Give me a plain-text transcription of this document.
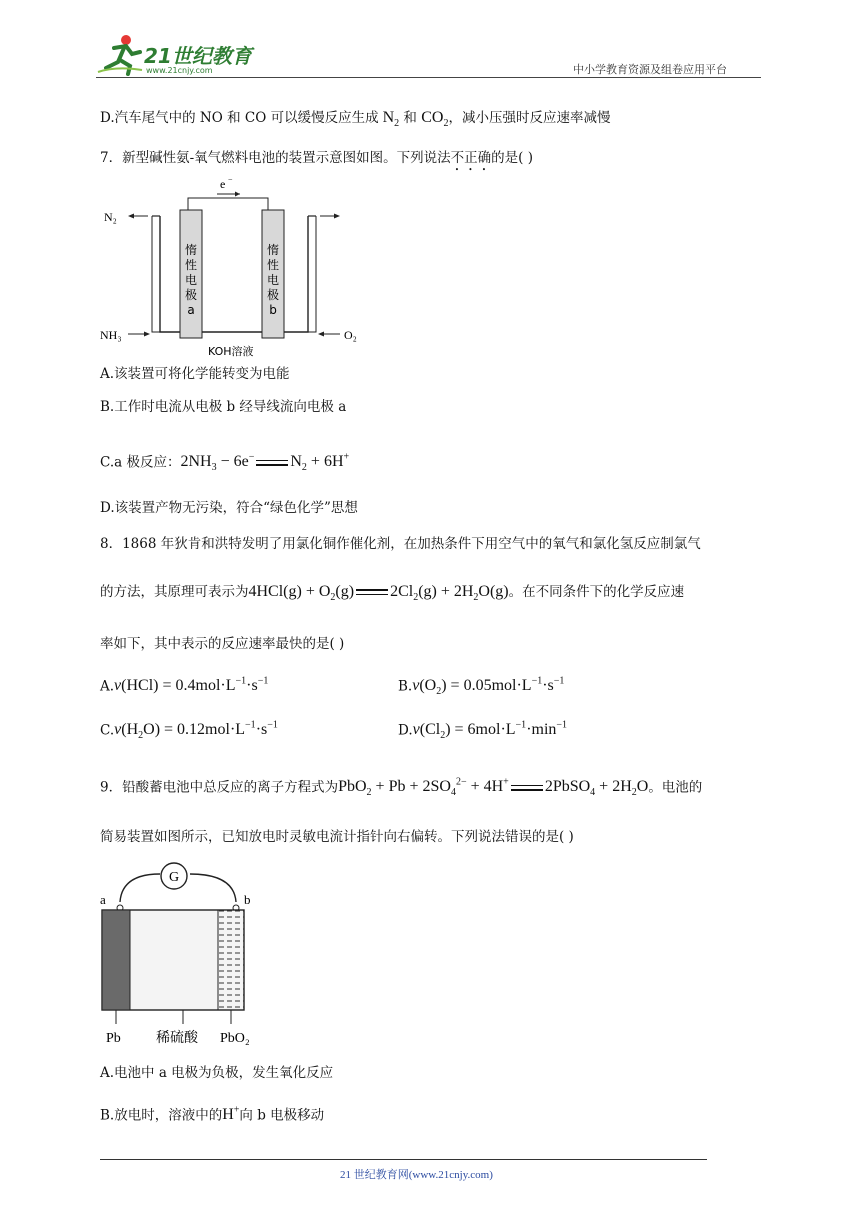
21世纪教育
www.21cnjy.com	中小学教育资源及组卷应用平台
D.汽车尾气中的 NO 和 CO 可以缓慢反应生成 $N_2$ 和 $CO_2$，减小压强时反应速率减慢
7．新型碱性氨-氧气燃料电池的装置示意图如图。下列说法不正确的是( )
e −
惰
性
电
极
a
惰
性
电
极
b
N₂
NH₃	O₂
KOH溶液
A.该装置可将化学能转变为电能
B.工作时电流从电极 b 经导线流向电极 a
C.a 极反应：$2NH_3 - 6e^-$ $N_2 + 6H^+$
D.该装置产物无污染，符合“绿色化学”思想
8．1868 年狄肯和洪特发明了用氯化铜作催化剂，在加热条件下用空气中的氧气和氯化氢反应制氯气
的方法，其原理可表示为$4HCl(g) + O_2(g) 2Cl_2(g) + 2H_2O(g)$。在不同条件下的化学反应速
率如下，其中表示的反应速率最快的是( )
$A.v(HCl) = 0.4mol\cdot L^{-1}\cdot s^{-1}$	$B.v(O_2) = 0.05mol\cdot L^{-1}\cdot s^{-1}$
$C.v(H_2O) = 0.12mol\cdot L^{-1}\cdot s^{-1}$	$D.v(Cl_2) = 6mol\cdot L^{-1}\cdot\min^{-1}$
9．铅酸蓄电池中总反应的离子方程式为$PbO_2 + Pb + 2SO_4^{2-} + 4H^+$ 2PbSO$_4$ + $2H_2O$。电池的
简易装置如图所示，已知放电时灵敏电流计指针向右偏转。下列说法错误的是( )
G
a	b
Pb	稀硫酸 PbO₂
A.电池中 a 电极为负极，发生氧化反应
B.放电时，溶液中的H+向 b 电极移动
21 世纪教育网(www.21cnjy.com)
